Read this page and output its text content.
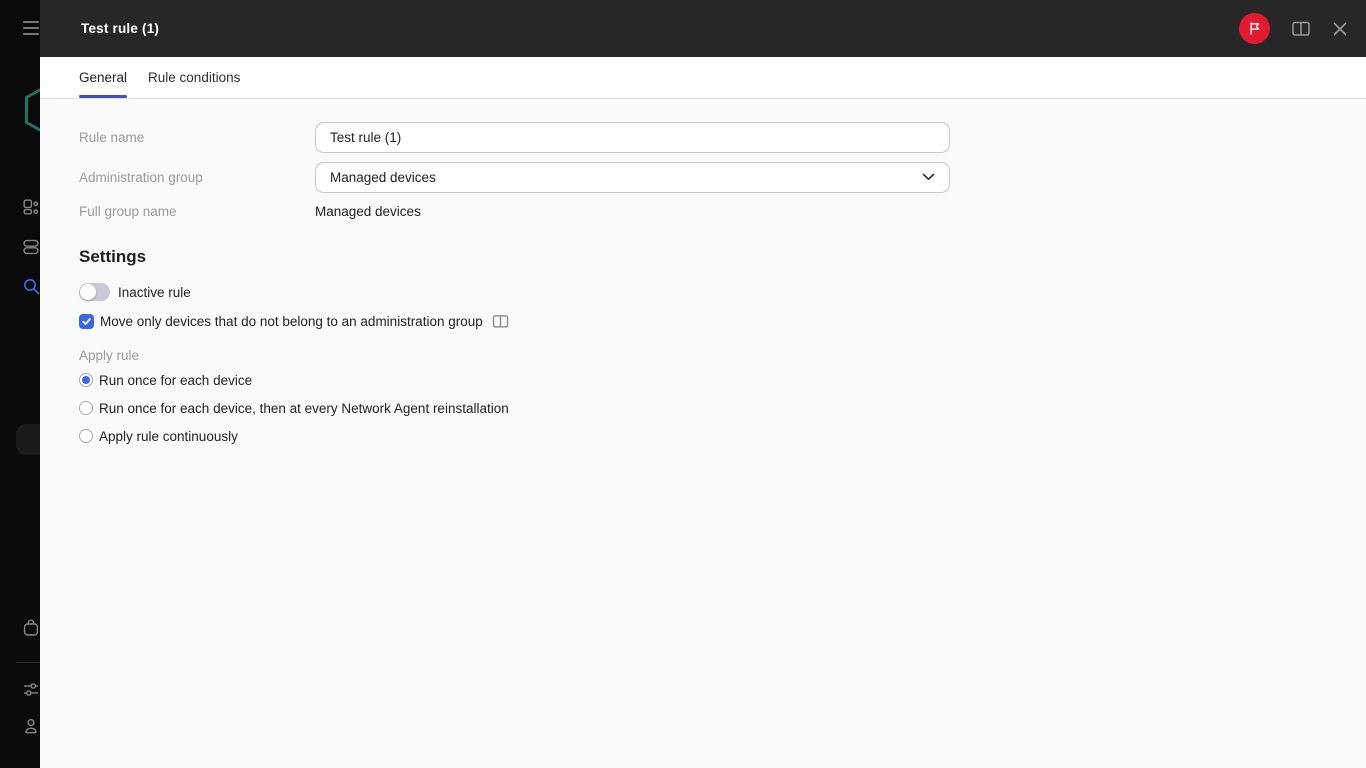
Test rule (1)
General Rule conditions
Rule name
Test rule (1)
Administration group	Managed devices
Full group name	Managed devices
Settings
Inactive rule
Move only devices that do not belong to an administration group
Apply rule
Run once for each device
Run once for each device, then at every Network Agent reinstallation
Apply rule continuously
